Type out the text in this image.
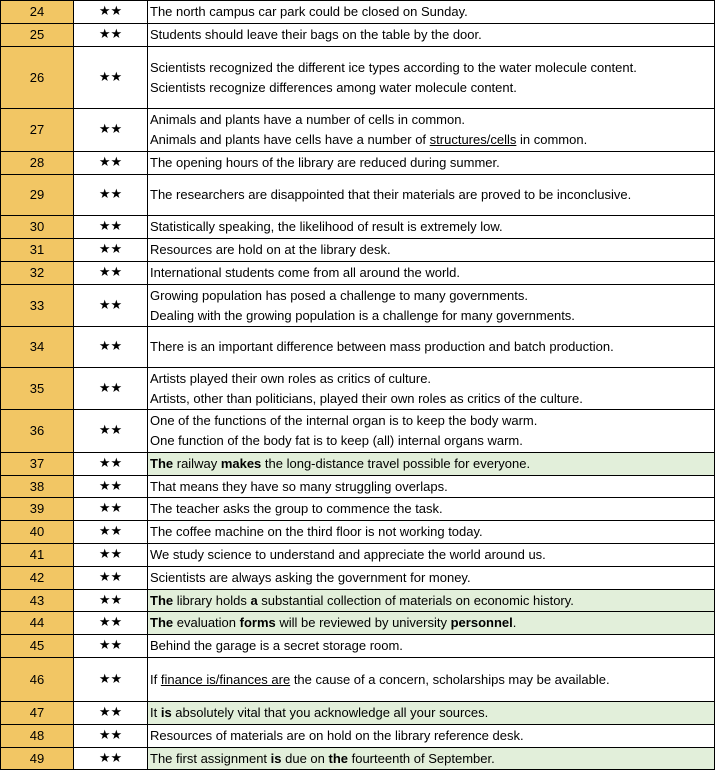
24	★★	The north campus car park could be closed on Sunday.

25	★★	Students should leave their bags on the table by the door.

26	★★	Scientists recognized the different ice types according to the water molecule content.
Scientists recognize differences among water molecule content.

27	★★	Animals and plants have a number of cells in common.
Animals and plants have cells have a number of structures/cells in common.

28	★★	The opening hours of the library are reduced during summer.

29	★★	The researchers are disappointed that their materials are proved to be inconclusive.

30	★★	Statistically speaking, the likelihood of result is extremely low.

31	★★	Resources are hold on at the library desk.

32	★★	International students come from all around the world.

33	★★	Growing population has posed a challenge to many governments.
Dealing with the growing population is a challenge for many governments.

34	★★	There is an important difference between mass production and batch production.

35	★★	Artists played their own roles as critics of culture.
Artists, other than politicians, played their own roles as critics of the culture.

36	★★	One of the functions of the internal organ is to keep the body warm.
One function of the body fat is to keep (all) internal organs warm.

37	★★	The railway makes the long-distance travel possible for everyone.

38	★★	That means they have so many struggling overlaps.

39	★★	The teacher asks the group to commence the task.

40	★★	The coffee machine on the third floor is not working today.

41	★★	We study science to understand and appreciate the world around us.

42	★★	Scientists are always asking the government for money.

43	★★	The library holds a substantial collection of materials on economic history.

44	★★	The evaluation forms will be reviewed by university personnel.

45	★★	Behind the garage is a secret storage room.

46	★★	If finance is/finances are the cause of a concern, scholarships may be available.

47	★★	It is absolutely vital that you acknowledge all your sources.

48	★★	Resources of materials are on hold on the library reference desk.

49	★★	The first assignment is due on the fourteenth of September.
